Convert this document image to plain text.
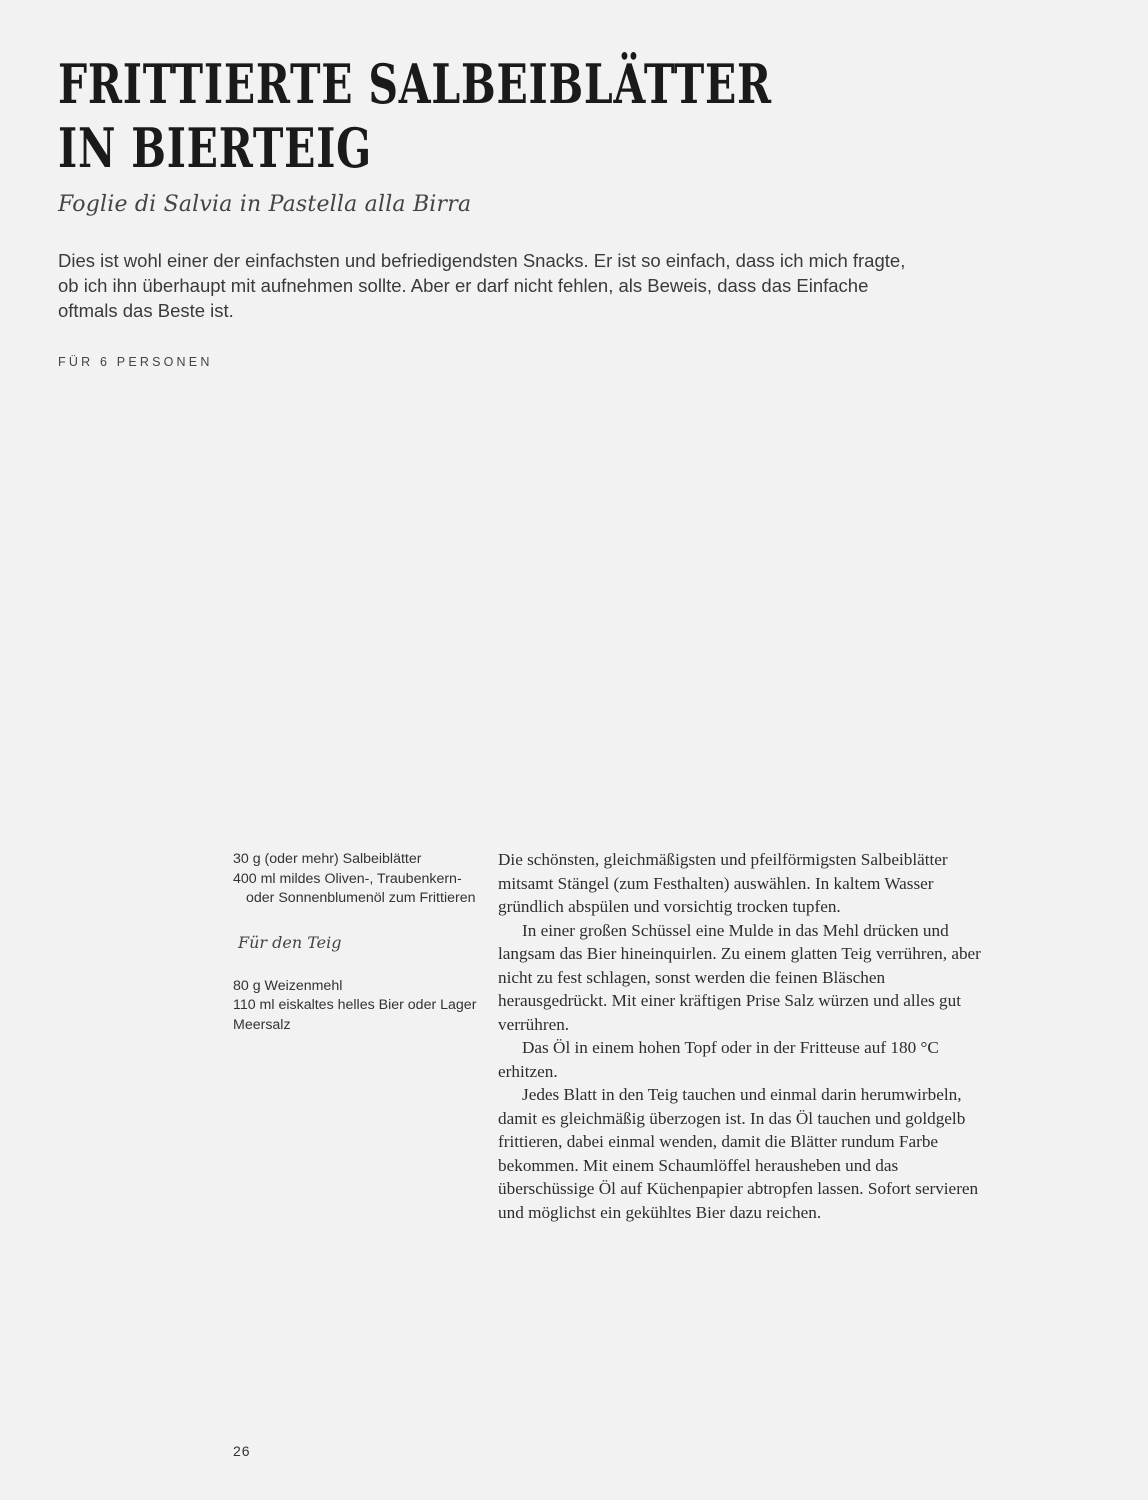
FRITTIERTE SALBEIBLÄTTER
IN BIERTEIG
Foglie di Salvia in Pastella alla Birra

Dies ist wohl einer der einfachsten und befriedigendsten Snacks. Er ist so einfach, dass ich mich fragte, ob ich ihn überhaupt mit aufnehmen sollte. Aber er darf nicht fehlen, als Beweis, dass das Einfache oftmals das Beste ist.

FÜR 6 PERSONEN

30 g (oder mehr) Salbeiblätter
400 ml mildes Oliven-, Traubenkern- oder Sonnenblumenöl zum Frittieren
Für den Teig
80 g Weizenmehl
110 ml eiskaltes helles Bier oder Lager
Meersalz

Die schönsten, gleichmäßigsten und pfeilförmigsten Salbeiblätter mitsamt Stängel (zum Festhalten) auswählen. In kaltem Wasser gründlich abspülen und vorsichtig trocken tupfen.

In einer großen Schüssel eine Mulde in das Mehl drücken und langsam das Bier hineinquirlen. Zu einem glatten Teig verrühren, aber nicht zu fest schlagen, sonst werden die feinen Bläschen herausgedrückt. Mit einer kräftigen Prise Salz würzen und alles gut verrühren.

Das Öl in einem hohen Topf oder in der Fritteuse auf 180 °C erhitzen.

Jedes Blatt in den Teig tauchen und einmal darin herumwirbeln, damit es gleichmäßig überzogen ist. In das Öl tauchen und goldgelb frittieren, dabei einmal wenden, damit die Blätter rundum Farbe bekommen. Mit einem Schaumlöffel herausheben und das überschüssige Öl auf Küchenpapier abtropfen lassen. Sofort servieren und möglichst ein gekühltes Bier dazu reichen.

26
